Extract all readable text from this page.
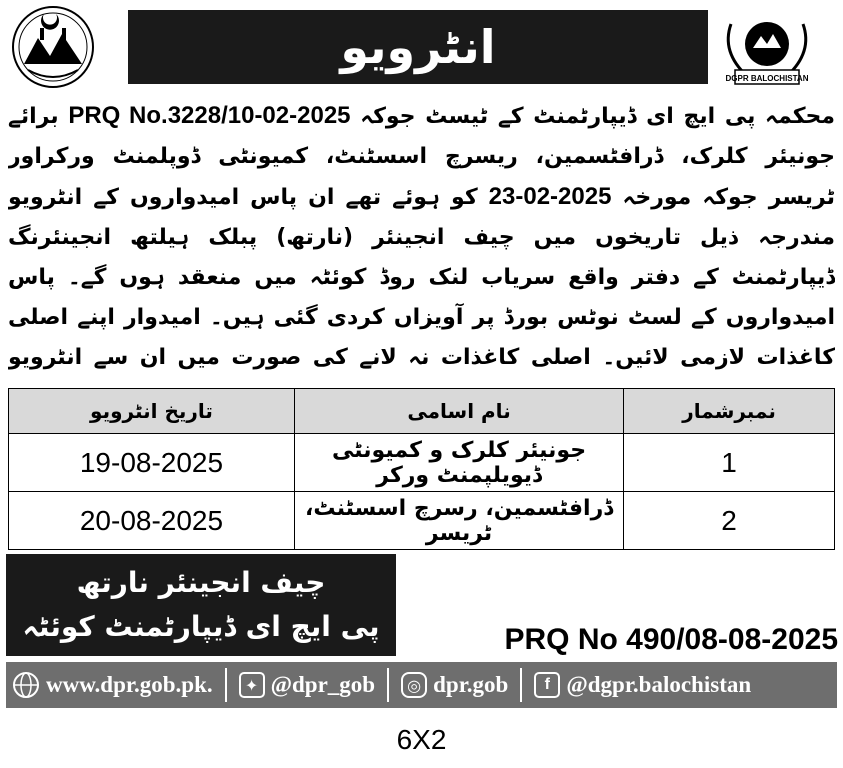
انٹرویو
DGPR BALOCHISTAN
محکمہ پی ایچ ای ڈیپارٹمنٹ کے ٹیسٹ جوکہ PRQ No.3228/10-02-2025 برائے جونیئر کلرک، ڈرافٹسمین، ریسرچ اسسٹنٹ، کمیونٹی ڈوپلمنٹ ورکراور ٹریسر جوکہ مورخہ 23-02-2025 کو ہوئے تھے ان پاس امیدواروں کے انٹرویو مندرجہ ذیل تاریخوں میں چیف انجینئر (نارتھ) پبلک ہیلتھ انجینئرنگ ڈیپارٹمنٹ کے دفتر واقع سریاب لنک روڈ کوئٹہ میں منعقد ہوں گے۔ پاس امیدواروں کے لسٹ نوٹس بورڈ پر آویزاں کردی گئی ہیں۔ امیدوار اپنے اصلی کاغذات لازمی لائیں۔ اصلی کاغذات نہ لانے کی صورت میں ان سے انٹرویو
نمبرشمار	نام اسامی	تاریخ انٹرویو
1	جونیئر کلرک و کمیونٹی ڈیویلپمنٹ ورکر	19-08-2025
2	ڈرافٹسمین، رسرچ اسسٹنٹ، ٹریسر	20-08-2025
چیف انجینئر نارتھ
پی ایچ ای ڈیپارٹمنٹ کوئٹہ	PRQ No 490/08-08-2025
www.dpr.gob.pk.	✦ @dpr_gob	◎ dpr.gob	f @dgpr.balochistan
6X2
